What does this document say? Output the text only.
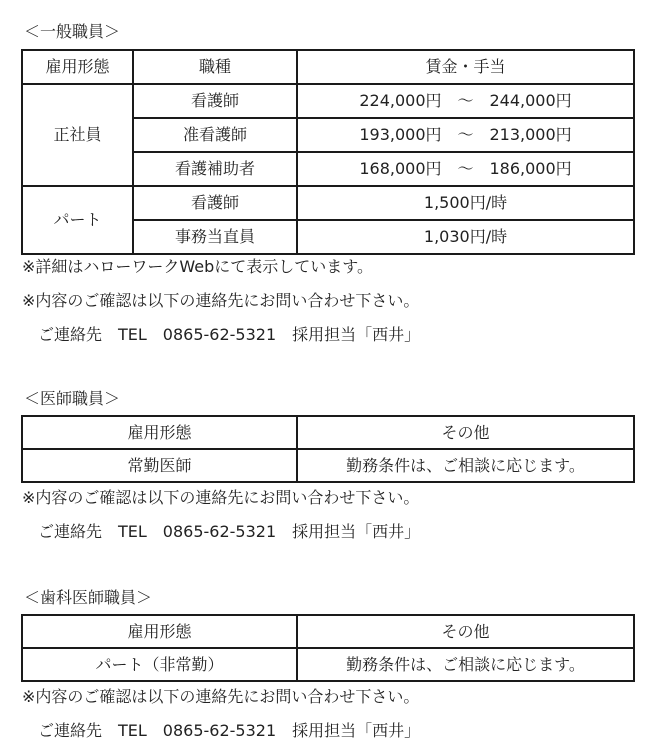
＜一般職員＞
雇用形態	職種	賃金・手当
正社員	看護師	224,000円　～　244,000円
	准看護師	193,000円　～　213,000円
	看護補助者	168,000円　～　186,000円
パート	看護師	1,500円/時
	事務当直員	1,030円/時
※詳細はハローワークWebにて表示しています。
※内容のご確認は以下の連絡先にお問い合わせ下さい。
　ご連絡先　TEL　0865-62-5321　採用担当「西井」
＜医師職員＞
雇用形態	その他
常勤医師	勤務条件は、ご相談に応じます。
※内容のご確認は以下の連絡先にお問い合わせ下さい。
　ご連絡先　TEL　0865-62-5321　採用担当「西井」
＜歯科医師職員＞
雇用形態	その他
パート（非常勤）	勤務条件は、ご相談に応じます。
※内容のご確認は以下の連絡先にお問い合わせ下さい。
　ご連絡先　TEL　0865-62-5321　採用担当「西井」
